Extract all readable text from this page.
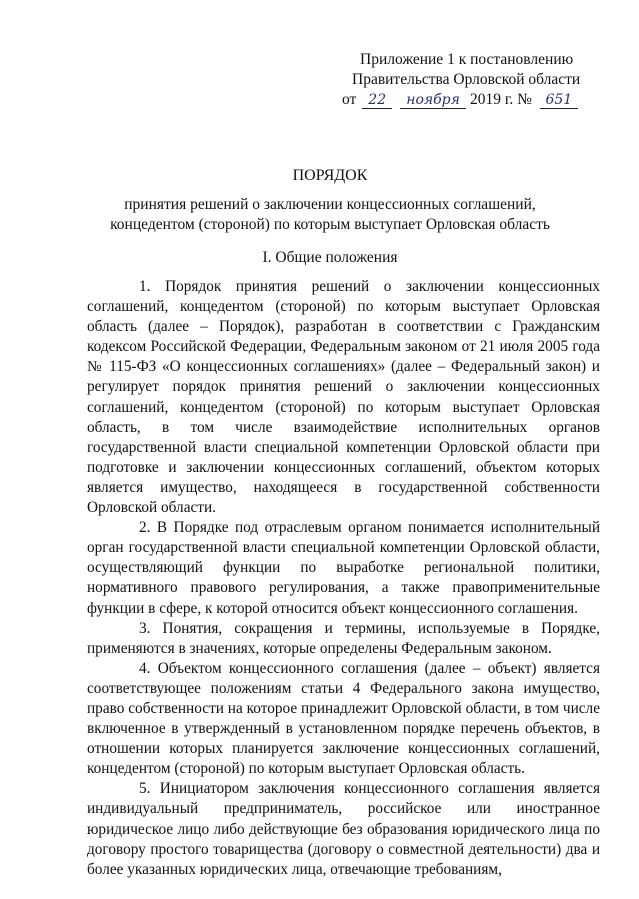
Приложение 1 к постановлению
Правительства Орловской области
от 22 ноября 2019 г. № 651
ПОРЯДОК
принятия решений о заключении концессионных соглашений,
концедентом (стороной) по которым выступает Орловская область
I. Общие положения

1. Порядок принятия решений о заключении концессионных соглашений, концедентом (стороной) по которым выступает Орловская область (далее – Порядок), разработан в соответствии с Гражданским кодексом Российской Федерации, Федеральным законом от 21 июля 2005 года № 115-ФЗ «О концессионных соглашениях» (далее – Федеральный закон) и регулирует порядок принятия решений о заключении концессионных соглашений, концедентом (стороной) по которым выступает Орловская область, в том числе взаимодействие исполнительных органов государственной власти специальной компетенции Орловской области при подготовке и заключении концессионных соглашений, объектом которых является имущество, находящееся в государственной собственности Орловской области.

2. В Порядке под отраслевым органом понимается исполнительный орган государственной власти специальной компетенции Орловской области, осуществляющий функции по выработке региональной политики, нормативного правового регулирования, а также правоприменительные функции в сфере, к которой относится объект концессионного соглашения.

3. Понятия, сокращения и термины, используемые в Порядке, применяются в значениях, которые определены Федеральным законом.

4. Объектом концессионного соглашения (далее – объект) является соответствующее положениям статьи 4 Федерального закона имущество, право собственности на которое принадлежит Орловской области, в том числе включенное в утвержденный в установленном порядке перечень объектов, в отношении которых планируется заключение концессионных соглашений, концедентом (стороной) по которым выступает Орловская область.

5. Инициатором заключения концессионного соглашения является индивидуальный предприниматель, российское или иностранное юридическое лицо либо действующие без образования юридического лица по договору простого товарищества (договору о совместной деятельности) два и более указанных юридических лица, отвечающие требованиям,
